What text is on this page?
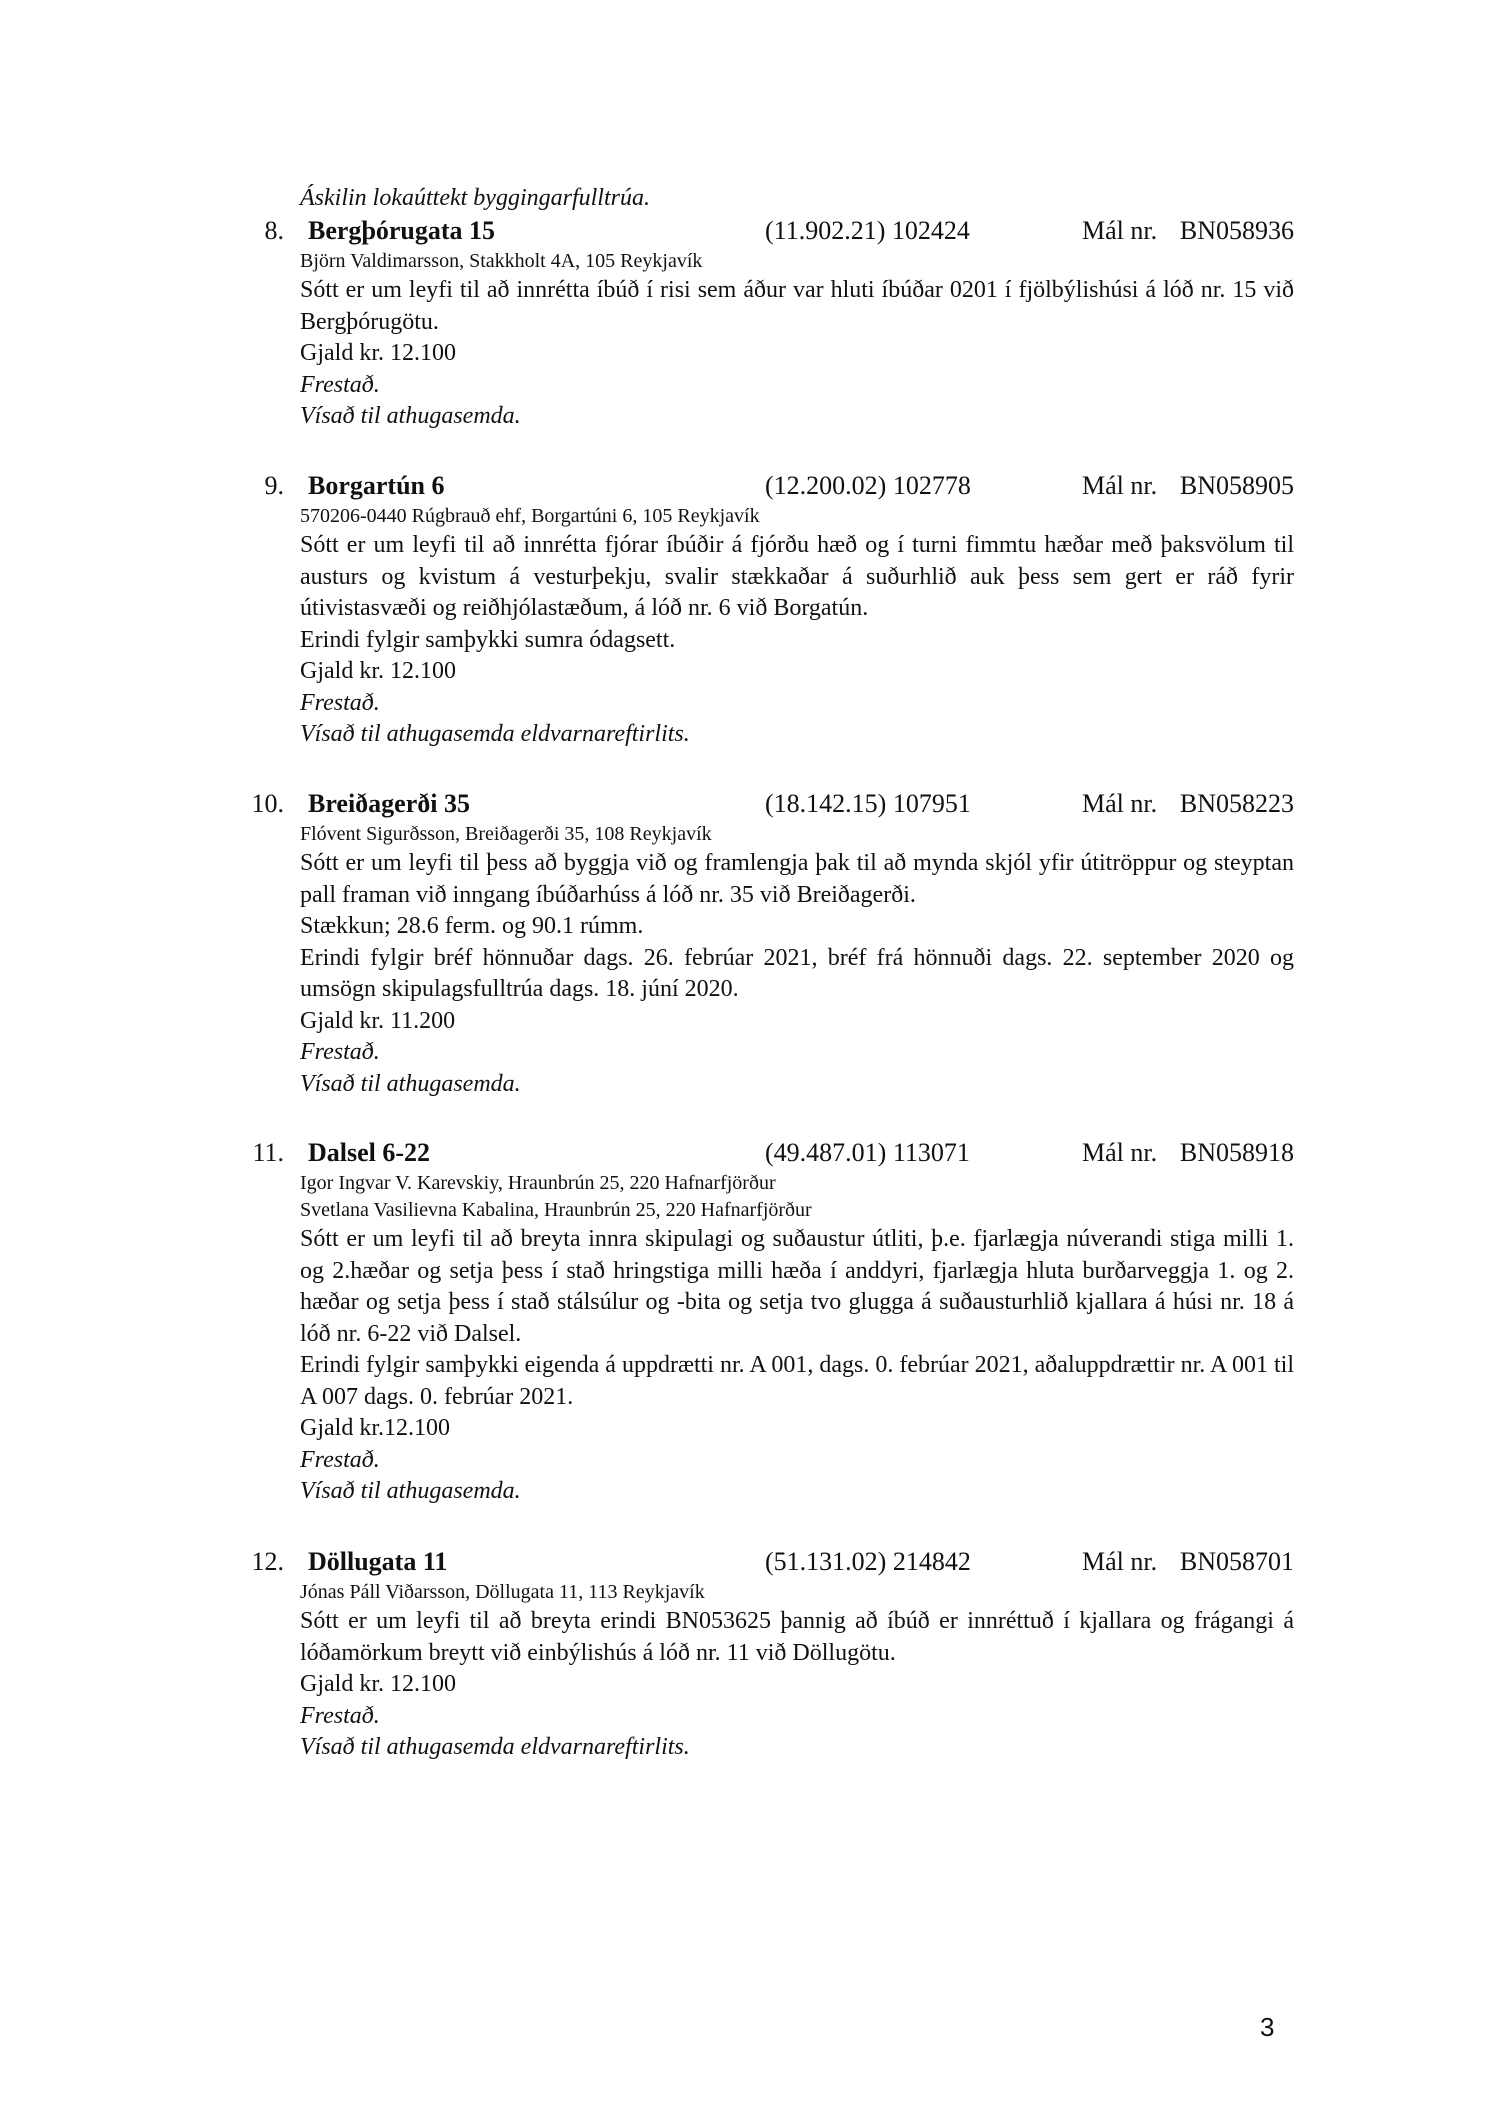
Áskilin lokaúttekt byggingarfulltrúa.
8. Bergþórugata 15	(11.902.21) 102424	Mál nr. BN058936
Björn Valdimarsson, Stakkholt 4A, 105 Reykjavík
Sótt er um leyfi til að innrétta íbúð í risi sem áður var hluti íbúðar 0201 í fjölbýlishúsi á lóð nr. 15 við Bergþórugötu.
Gjald kr. 12.100
Frestað.
Vísað til athugasemda.
9. Borgartún 6	(12.200.02) 102778	Mál nr. BN058905
570206-0440 Rúgbrauð ehf, Borgartúni 6, 105 Reykjavík
Sótt er um leyfi til að innrétta fjórar íbúðir á fjórðu hæð og í turni fimmtu hæðar með þaksvölum til austurs og kvistum á vesturþekju, svalir stækkaðar á suðurhlið auk þess sem gert er ráð fyrir útivistasvæði og reiðhjólastæðum, á lóð nr. 6 við Borgatún.
Erindi fylgir samþykki sumra ódagsett.
Gjald kr. 12.100
Frestað.
Vísað til athugasemda eldvarnareftirlits.
10. Breiðagerði 35	(18.142.15) 107951	Mál nr. BN058223
Flóvent Sigurðsson, Breiðagerði 35, 108 Reykjavík
Sótt er um leyfi til þess að byggja við og framlengja þak til að mynda skjól yfir útitröppur og steyptan pall framan við inngang íbúðarhúss á lóð nr. 35 við Breiðagerði.
Stækkun; 28.6 ferm. og 90.1 rúmm.
Erindi fylgir bréf hönnuðar dags. 26. febrúar 2021, bréf frá hönnuði dags. 22. september 2020 og umsögn skipulagsfulltrúa dags. 18. júní 2020.
Gjald kr. 11.200
Frestað.
Vísað til athugasemda.
11. Dalsel 6-22	(49.487.01) 113071	Mál nr. BN058918
Igor Ingvar V. Karevskiy, Hraunbrún 25, 220 Hafnarfjörður
Svetlana Vasilievna Kabalina, Hraunbrún 25, 220 Hafnarfjörður
Sótt er um leyfi til að breyta innra skipulagi og suðaustur útliti, þ.e. fjarlægja núverandi stiga milli 1. og 2.hæðar og setja þess í stað hringstiga milli hæða í anddyri, fjarlægja hluta burðarveggja 1. og 2. hæðar og setja þess í stað stálsúlur og -bita og setja tvo glugga á suðausturhlið kjallara á húsi nr. 18 á lóð nr. 6-22 við Dalsel.
Erindi fylgir samþykki eigenda á uppdrætti nr. A 001, dags. 0. febrúar 2021, aðaluppdrættir nr. A 001 til A 007 dags. 0. febrúar 2021.
Gjald kr.12.100
Frestað.
Vísað til athugasemda.
12. Döllugata 11	(51.131.02) 214842	Mál nr. BN058701
Jónas Páll Viðarsson, Döllugata 11, 113 Reykjavík
Sótt er um leyfi til að breyta erindi BN053625 þannig að íbúð er innréttuð í kjallara og frágangi á lóðamörkum breytt við einbýlishús á lóð nr. 11 við Döllugötu.
Gjald kr. 12.100
Frestað.
Vísað til athugasemda eldvarnareftirlits.
3
